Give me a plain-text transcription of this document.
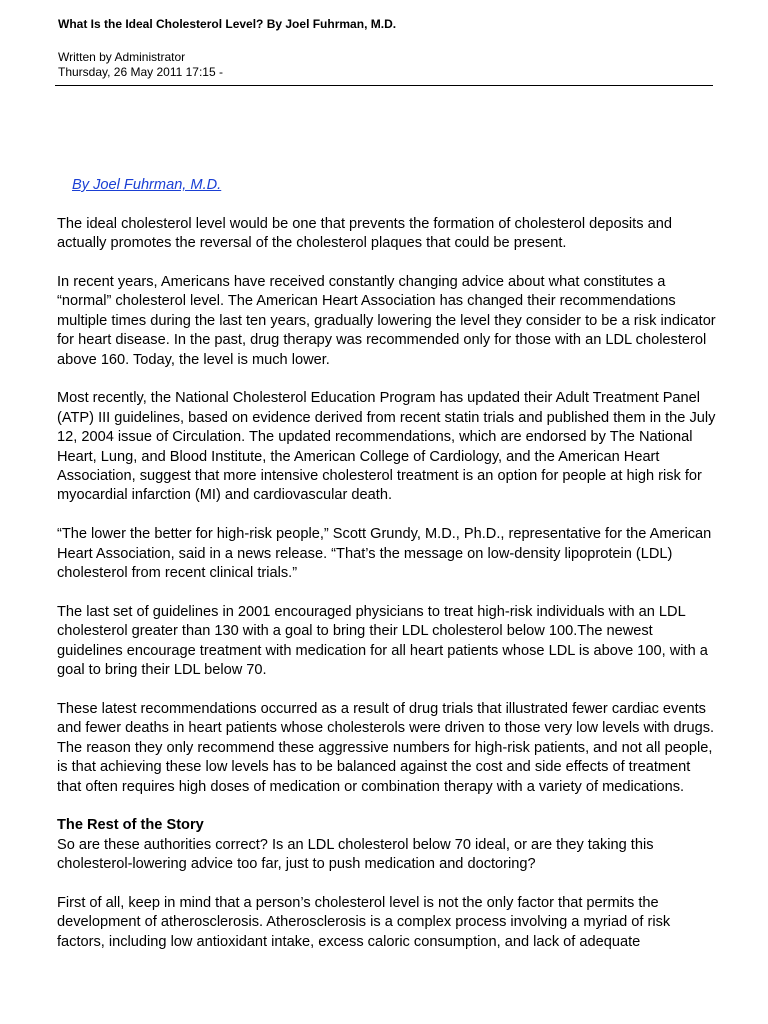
What Is the Ideal Cholesterol Level? By Joel Fuhrman, M.D.
Written by Administrator
Thursday, 26 May 2011 17:15 -
By Joel Fuhrman, M.D.

The ideal cholesterol level would be one that prevents the formation of cholesterol deposits and actually promotes the reversal of the cholesterol plaques that could be present.

In recent years, Americans have received constantly changing advice about what constitutes a “normal” cholesterol level. The American Heart Association has changed their recommendations multiple times during the last ten years, gradually lowering the level they consider to be a risk indicator for heart disease. In the past, drug therapy was recommended only for those with an LDL cholesterol above 160. Today, the level is much lower.

Most recently, the National Cholesterol Education Program has updated their Adult Treatment Panel (ATP) III guidelines, based on evidence derived from recent statin trials and published them in the July 12, 2004 issue of Circulation. The updated recommendations, which are endorsed by The National Heart, Lung, and Blood Institute, the American College of Cardiology, and the American Heart Association, suggest that more intensive cholesterol treatment is an option for people at high risk for myocardial infarction (MI) and cardiovascular death.

“The lower the better for high-risk people,” Scott Grundy, M.D., Ph.D., representative for the American Heart Association, said in a news release. “That’s the message on low-density lipoprotein (LDL) cholesterol from recent clinical trials.”

The last set of guidelines in 2001 encouraged physicians to treat high-risk individuals with an LDL cholesterol greater than 130 with a goal to bring their LDL cholesterol below 100.The newest guidelines encourage treatment with medication for all heart patients whose LDL is above 100, with a goal to bring their LDL below 70.

These latest recommendations occurred as a result of drug trials that illustrated fewer cardiac events and fewer deaths in heart patients whose cholesterols were driven to those very low levels with drugs. The reason they only recommend these aggressive numbers for high-risk patients, and not all people, is that achieving these low levels has to be balanced against the cost and side effects of treatment that often requires high doses of medication or combination therapy with a variety of medications.

The Rest of the Story

So are these authorities correct? Is an LDL cholesterol below 70 ideal, or are they taking this cholesterol-lowering advice too far, just to push medication and doctoring?

First of all, keep in mind that a person’s cholesterol level is not the only factor that permits the development of atherosclerosis. Atherosclerosis is a complex process involving a myriad of risk factors, including low antioxidant intake, excess caloric consumption, and lack of adequate
